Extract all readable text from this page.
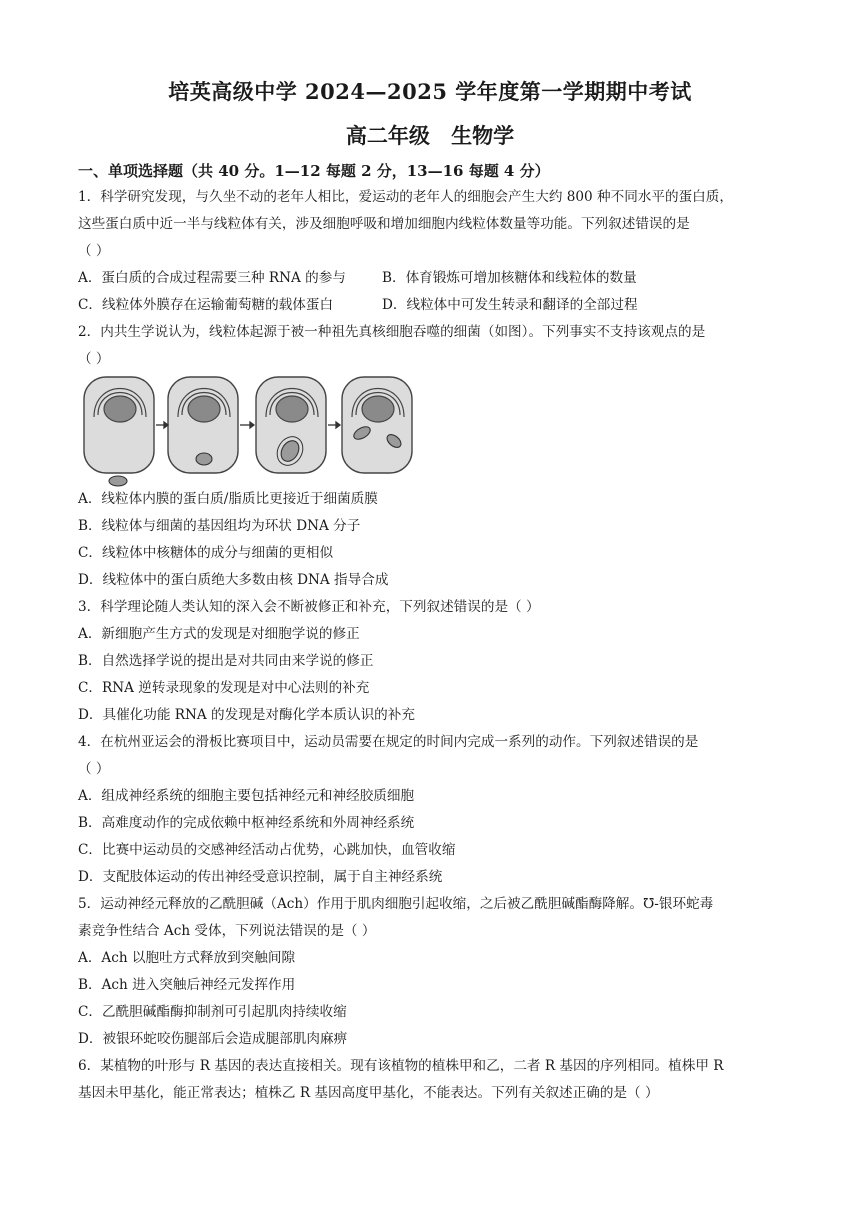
培英高级中学 2024—2025 学年度第一学期期中考试
高二年级 生物学
一、单项选择题（共 40 分。1—12 每题 2 分，13—16 每题 4 分）
1．科学研究发现，与久坐不动的老年人相比，爱运动的老年人的细胞会产生大约 800 种不同水平的蛋白质，
这些蛋白质中近一半与线粒体有关，涉及细胞呼吸和增加细胞内线粒体数量等功能。下列叙述错误的是
（ ）
A．蛋白质的合成过程需要三种 RNA 的参与	B．体育锻炼可增加核糖体和线粒体的数量
C．线粒体外膜存在运输葡萄糖的载体蛋白	D．线粒体中可发生转录和翻译的全部过程
2．内共生学说认为，线粒体起源于被一种祖先真核细胞吞噬的细菌（如图）。下列事实不支持该观点的是
（ ）
A．线粒体内膜的蛋白质/脂质比更接近于细菌质膜
B．线粒体与细菌的基因组均为环状 DNA 分子
C．线粒体中核糖体的成分与细菌的更相似
D．线粒体中的蛋白质绝大多数由核 DNA 指导合成
3．科学理论随人类认知的深入会不断被修正和补充，下列叙述错误的是（ ）
A．新细胞产生方式的发现是对细胞学说的修正
B．自然选择学说的提出是对共同由来学说的修正
C．RNA 逆转录现象的发现是对中心法则的补充
D．具催化功能 RNA 的发现是对酶化学本质认识的补充
4．在杭州亚运会的滑板比赛项目中，运动员需要在规定的时间内完成一系列的动作。下列叙述错误的是
（ ）
A．组成神经系统的细胞主要包括神经元和神经胶质细胞
B．高难度动作的完成依赖中枢神经系统和外周神经系统
C．比赛中运动员的交感神经活动占优势，心跳加快，血管收缩
D．支配肢体运动的传出神经受意识控制，属于自主神经系统
5．运动神经元释放的乙酰胆碱（Ach）作用于肌肉细胞引起收缩，之后被乙酰胆碱酯酶降解。℧-银环蛇毒
素竞争性结合 Ach 受体，下列说法错误的是（ ）
A．Ach 以胞吐方式释放到突触间隙
B．Ach 进入突触后神经元发挥作用
C．乙酰胆碱酯酶抑制剂可引起肌肉持续收缩
D．被银环蛇咬伤腿部后会造成腿部肌肉麻痹
6．某植物的叶形与 R 基因的表达直接相关。现有该植物的植株甲和乙，二者 R 基因的序列相同。植株甲 R
基因未甲基化，能正常表达；植株乙 R 基因高度甲基化，不能表达。下列有关叙述正确的是（ ）
